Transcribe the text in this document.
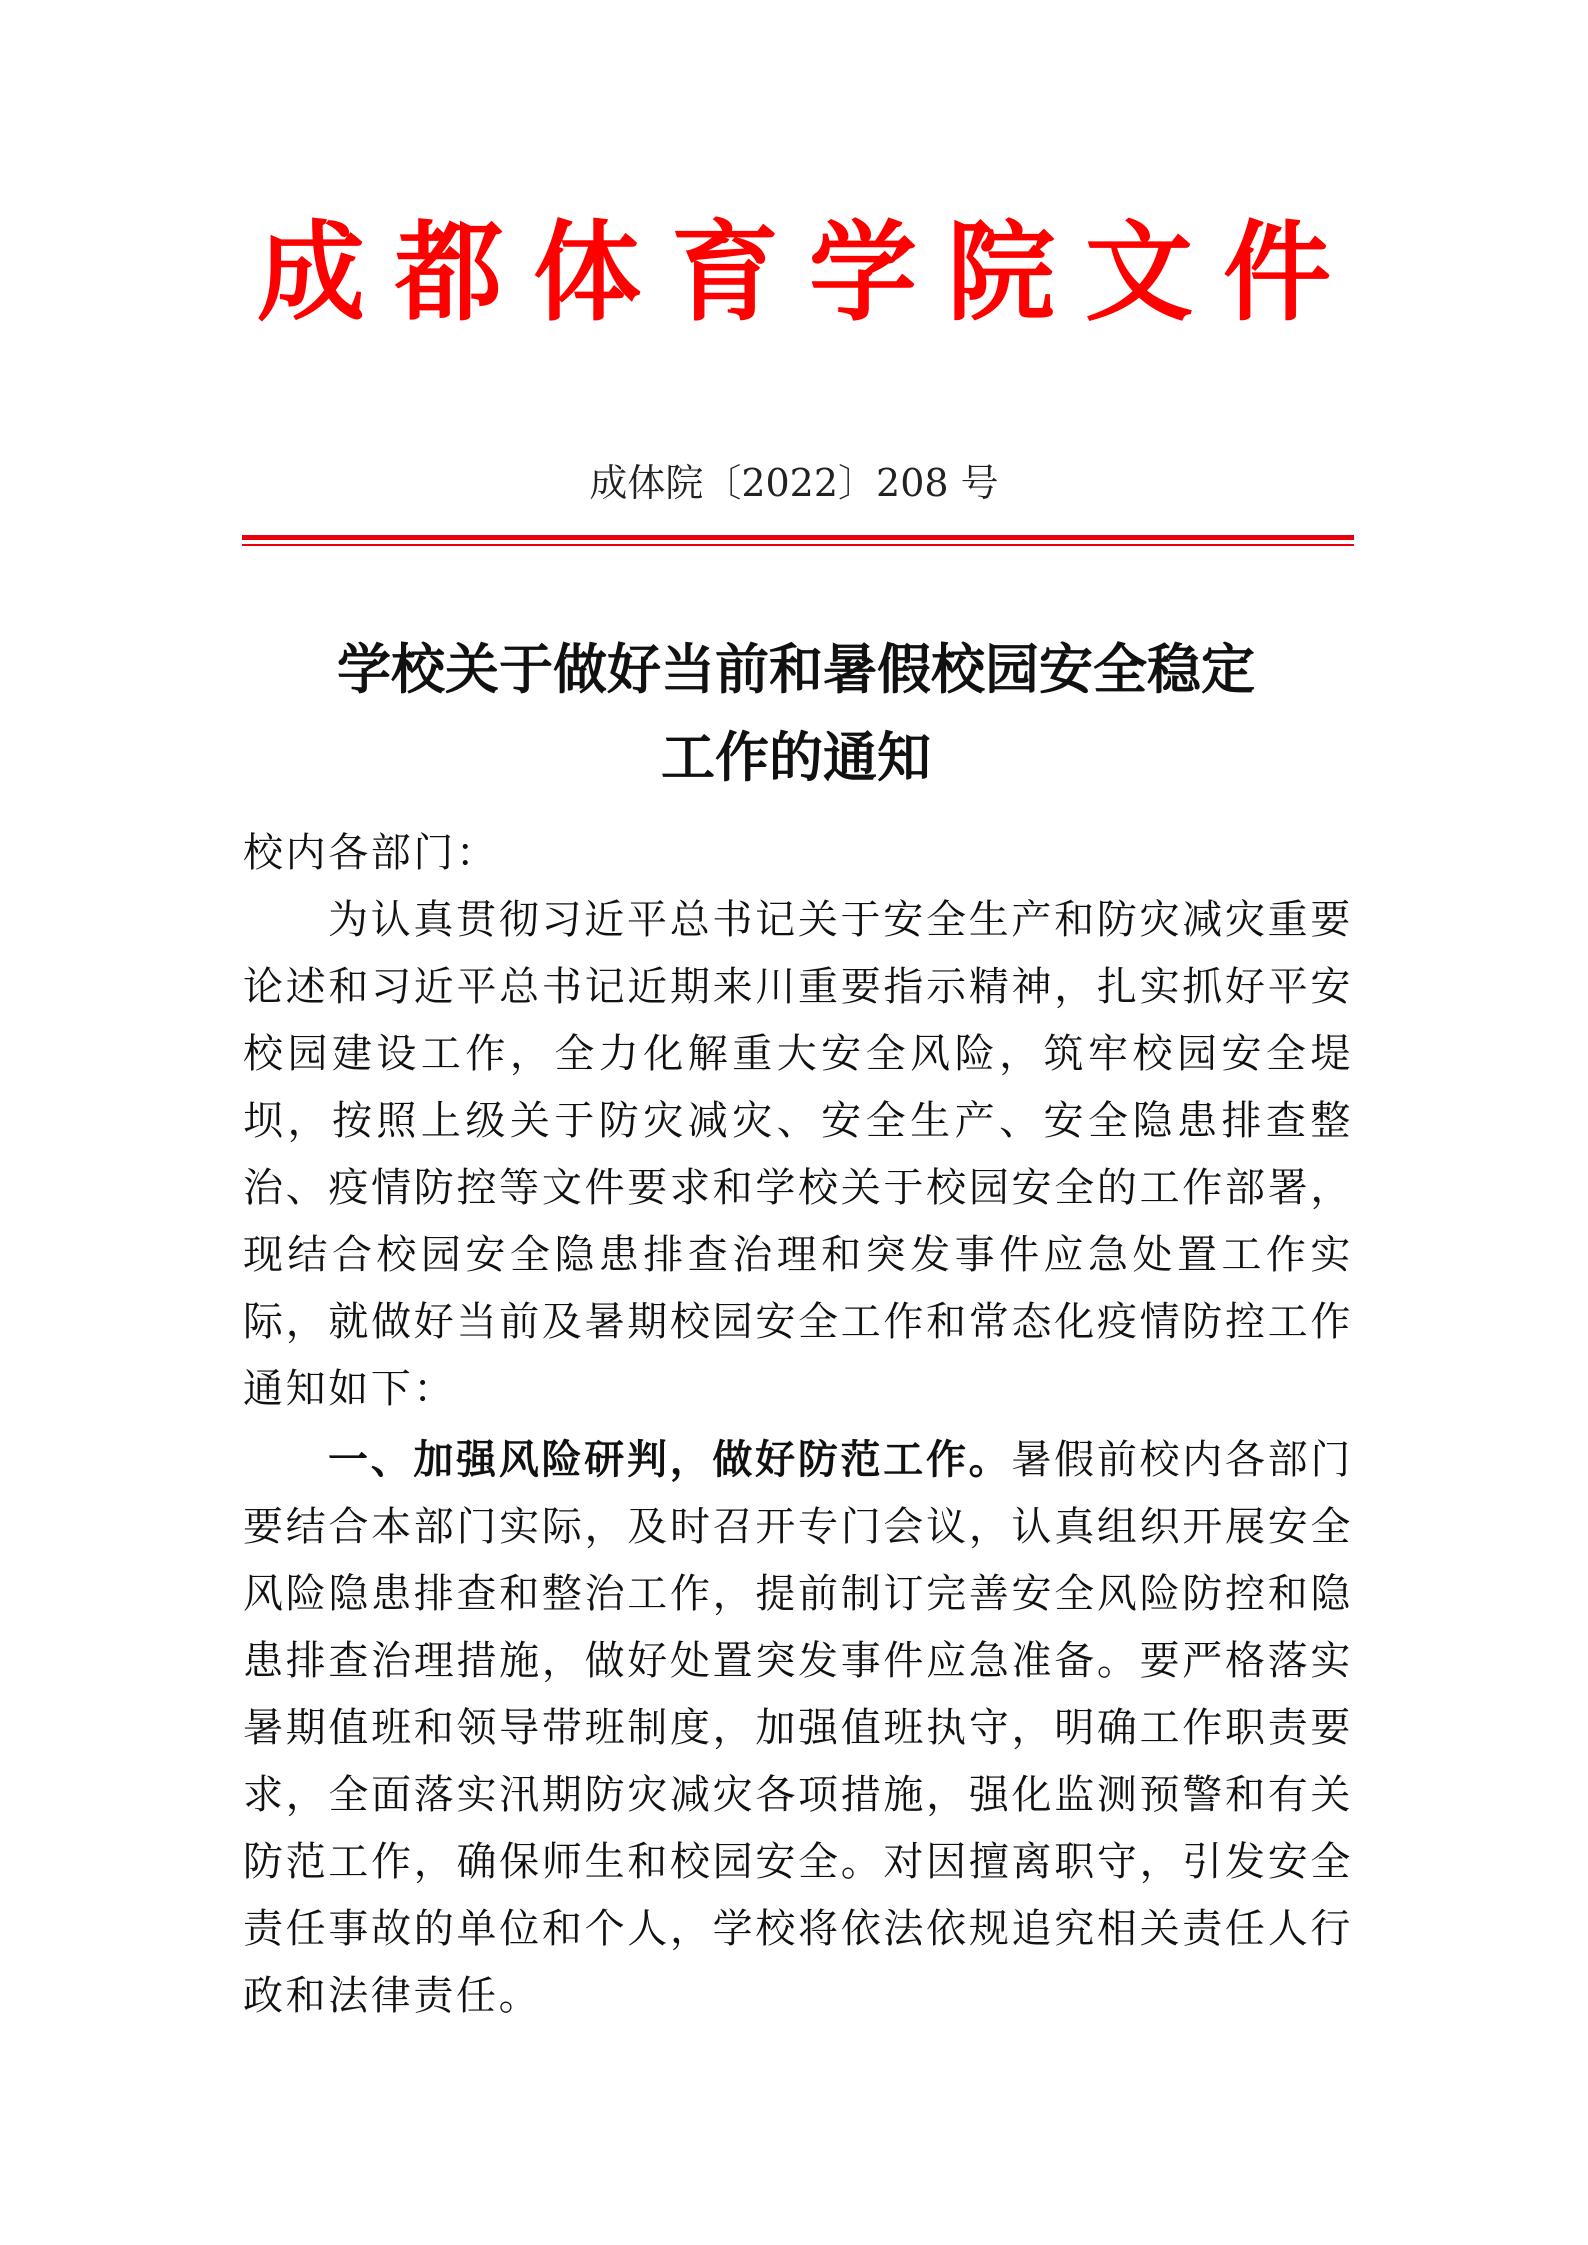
成都体育学院文件
成体院〔2022〕208 号
学校关于做好当前和暑假校园安全稳定
工作的通知

校内各部门：

为认真贯彻习近平总书记关于安全生产和防灾减灾重要论述和习近平总书记近期来川重要指示精神，扎实抓好平安校园建设工作，全力化解重大安全风险，筑牢校园安全堤坝，按照上级关于防灾减灾、安全生产、安全隐患排查整治、疫情防控等文件要求和学校关于校园安全的工作部署，现结合校园安全隐患排查治理和突发事件应急处置工作实际，就做好当前及暑期校园安全工作和常态化疫情防控工作通知如下：

一、加强风险研判，做好防范工作。暑假前校内各部门要结合本部门实际，及时召开专门会议，认真组织开展安全风险隐患排查和整治工作，提前制订完善安全风险防控和隐患排查治理措施，做好处置突发事件应急准备。要严格落实暑期值班和领导带班制度，加强值班执守，明确工作职责要求，全面落实汛期防灾减灾各项措施，强化监测预警和有关防范工作，确保师生和校园安全。对因擅离职守，引发安全责任事故的单位和个人，学校将依法依规追究相关责任人行政和法律责任。
